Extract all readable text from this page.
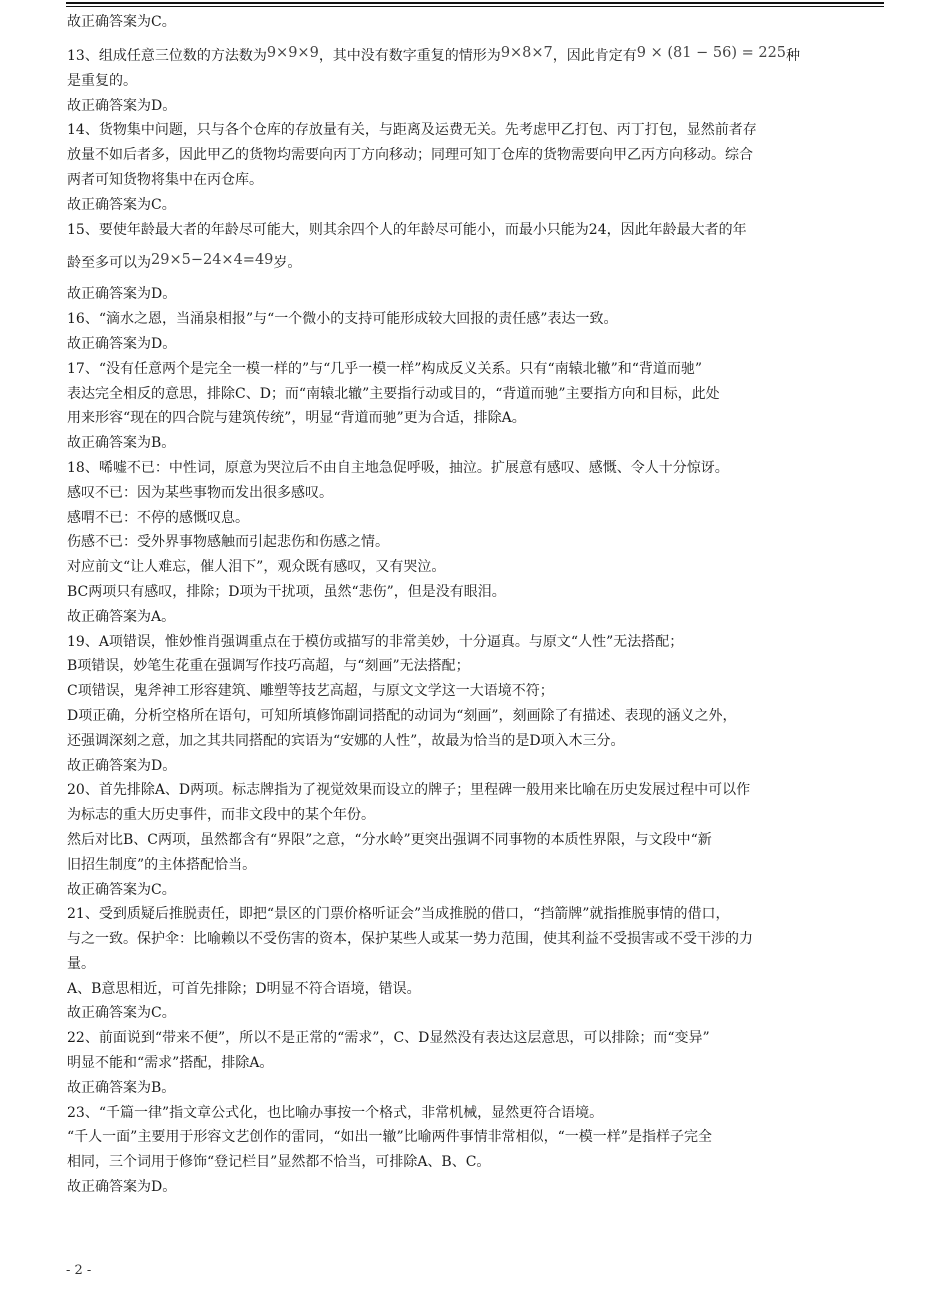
故正确答案为C。
13、组成任意三位数的方法数为9×9×9，其中没有数字重复的情形为9×8×7，因此肯定有9 × (81 − 56) = 225种
是重复的。
故正确答案为D。
14、货物集中问题，只与各个仓库的存放量有关，与距离及运费无关。先考虑甲乙打包、丙丁打包，显然前者存
放量不如后者多，因此甲乙的货物均需要向丙丁方向移动；同理可知丁仓库的货物需要向甲乙丙方向移动。综合
两者可知货物将集中在丙仓库。
故正确答案为C。
15、要使年龄最大者的年龄尽可能大，则其余四个人的年龄尽可能小，而最小只能为24，因此年龄最大者的年
龄至多可以为29×5−24×4=49岁。
故正确答案为D。
16、“滴水之恩，当涌泉相报”与“一个微小的支持可能形成较大回报的责任感”表达一致。
故正确答案为D。
17、“没有任意两个是完全一模一样的”与“几乎一模一样”构成反义关系。只有“南辕北辙”和“背道而驰”
表达完全相反的意思，排除C、D；而“南辕北辙”主要指行动或目的，“背道而驰”主要指方向和目标，此处
用来形容“现在的四合院与建筑传统”，明显“背道而驰”更为合适，排除A。
故正确答案为B。
18、唏嘘不已：中性词，原意为哭泣后不由自主地急促呼吸，抽泣。扩展意有感叹、感慨、令人十分惊讶。
感叹不已：因为某些事物而发出很多感叹。
感喟不已：不停的感慨叹息。
伤感不已：受外界事物感触而引起悲伤和伤感之情。
对应前文“让人难忘，催人泪下”，观众既有感叹，又有哭泣。
BC两项只有感叹，排除；D项为干扰项，虽然“悲伤”，但是没有眼泪。
故正确答案为A。
19、A项错误，惟妙惟肖强调重点在于模仿或描写的非常美妙，十分逼真。与原文“人性”无法搭配；
B项错误，妙笔生花重在强调写作技巧高超，与“刻画”无法搭配；
C项错误，鬼斧神工形容建筑、雕塑等技艺高超，与原文文学这一大语境不符；
D项正确，分析空格所在语句，可知所填修饰副词搭配的动词为“刻画”，刻画除了有描述、表现的涵义之外，
还强调深刻之意，加之其共同搭配的宾语为“安娜的人性”，故最为恰当的是D项入木三分。
故正确答案为D。
20、首先排除A、D两项。标志牌指为了视觉效果而设立的牌子；里程碑一般用来比喻在历史发展过程中可以作
为标志的重大历史事件，而非文段中的某个年份。
然后对比B、C两项，虽然都含有“界限”之意，“分水岭”更突出强调不同事物的本质性界限，与文段中“新
旧招生制度”的主体搭配恰当。
故正确答案为C。
21、受到质疑后推脱责任，即把“景区的门票价格听证会”当成推脱的借口，“挡箭牌”就指推脱事情的借口，
与之一致。保护伞：比喻赖以不受伤害的资本，保护某些人或某一势力范围，使其利益不受损害或不受干涉的力
量。
A、B意思相近，可首先排除；D明显不符合语境，错误。
故正确答案为C。
22、前面说到“带来不便”，所以不是正常的“需求”，C、D显然没有表达这层意思，可以排除；而“变异”
明显不能和“需求”搭配，排除A。
故正确答案为B。
23、“千篇一律”指文章公式化，也比喻办事按一个格式，非常机械，显然更符合语境。
“千人一面”主要用于形容文艺创作的雷同，“如出一辙”比喻两件事情非常相似，“一模一样”是指样子完全
相同，三个词用于修饰“登记栏目”显然都不恰当，可排除A、B、C。
故正确答案为D。
- 2 -
